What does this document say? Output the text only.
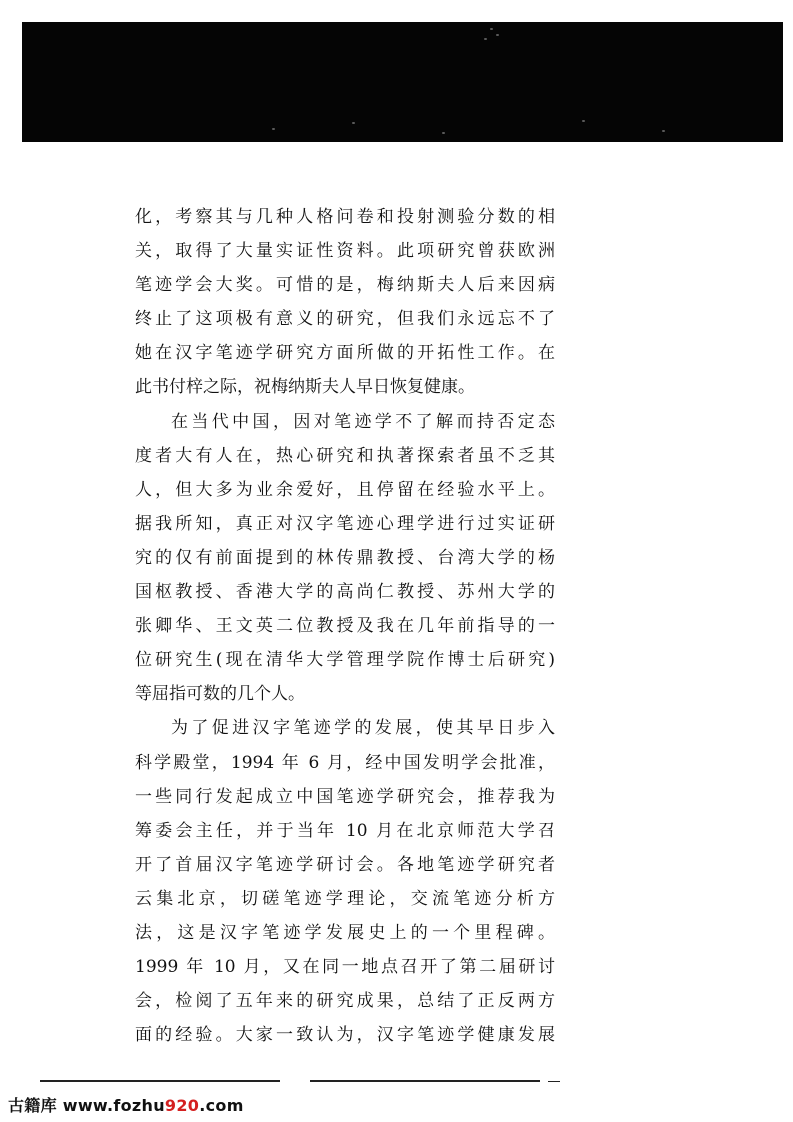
化，考察其与几种人格问卷和投射测验分数的相
关，取得了大量实证性资料。此项研究曾获欧洲
笔迹学会大奖。可惜的是，梅纳斯夫人后来因病
终止了这项极有意义的研究，但我们永远忘不了
她在汉字笔迹学研究方面所做的开拓性工作。在
此书付梓之际，祝梅纳斯夫人早日恢复健康。
在当代中国，因对笔迹学不了解而持否定态
度者大有人在，热心研究和执著探索者虽不乏其
人，但大多为业余爱好，且停留在经验水平上。
据我所知，真正对汉字笔迹心理学进行过实证研
究的仅有前面提到的林传鼎教授、台湾大学的杨
国枢教授、香港大学的高尚仁教授、苏州大学的
张卿华、王文英二位教授及我在几年前指导的一
位研究生(现在清华大学管理学院作博士后研究)
等屈指可数的几个人。
为了促进汉字笔迹学的发展，使其早日步入
科学殿堂，1994 年 6 月，经中国发明学会批准，
一些同行发起成立中国笔迹学研究会，推荐我为
筹委会主任，并于当年 10 月在北京师范大学召
开了首届汉字笔迹学研讨会。各地笔迹学研究者
云集北京，切磋笔迹学理论，交流笔迹分析方
法，这是汉字笔迹学发展史上的一个里程碑。
1999 年 10 月，又在同一地点召开了第二届研讨
会，检阅了五年来的研究成果，总结了正反两方
面的经验。大家一致认为，汉字笔迹学健康发展
古籍库 www.fozhu920.com
